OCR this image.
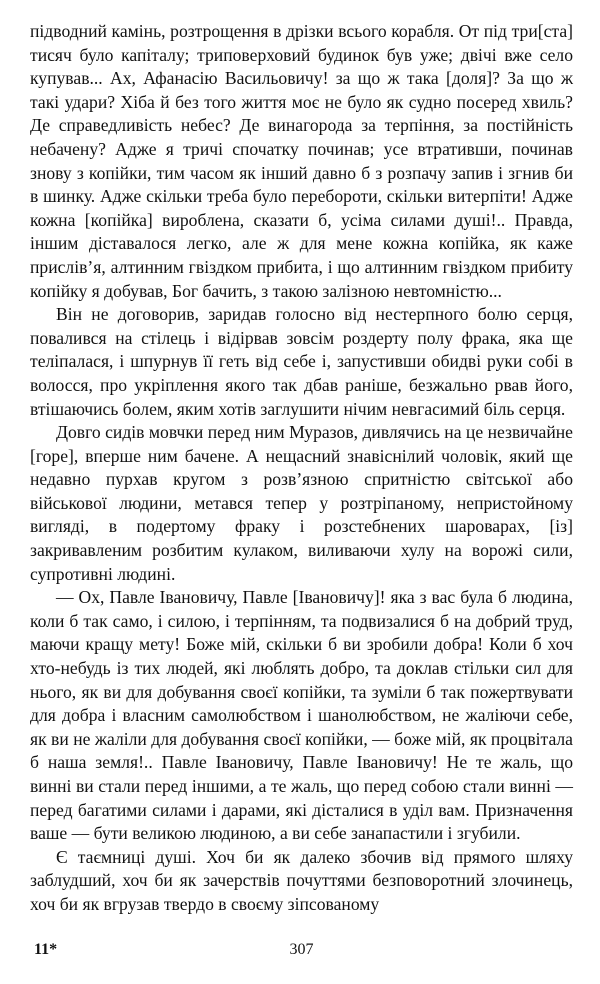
підводний камінь, розтрощення в дрізки всього корабля. От під три[ста] тисяч було капіталу; триповерховий будинок був уже; двічі вже село купував... Ах, Афанасію Васильовичу! за що ж така [доля]? За що ж такі удари? Хіба й без того життя моє не було як судно посеред хвиль? Де справедливість небес? Де винагорода за терпіння, за постійність небачену? Адже я тричі спочатку починав; усе втративши, починав знову з копійки, тим часом як інший давно б з розпачу запив і згнив би в шинку. Адже скільки треба було перебороти, скільки витерпіти! Адже кожна [копійка] вироблена, сказати б, усіма силами душі!.. Правда, іншим діставалося легко, але ж для мене кожна копійка, як каже прислів’я, алтинним гвіздком прибита, і що алтинним гвіздком прибиту копійку я добував, Бог бачить, з такою залізною невтомністю...

Він не договорив, заридав голосно від нестерпного болю серця, повалився на стілець і відірвав зовсім роздерту полу фрака, яка ще теліпалася, і шпурнув її геть від себе і, запустивши обидві руки собі в волосся, про укріплення якого так дбав раніше, безжально рвав його, втішаючись болем, яким хотів заглушити нічим невгасимий біль серця.

Довго сидів мовчки перед ним Муразов, дивлячись на це незвичайне [горе], вперше ним бачене. А нещасний знавіснілий чоловік, який ще недавно пурхав кругом з розв’язною спритністю світської або військової людини, метався тепер у розтріпаному, непристойному вигляді, в подертому фраку і розстебнених шароварах, [із] закривавленим розбитим кулаком, виливаючи хулу на ворожі сили, супротивні людині.

— Ох, Павле Івановичу, Павле [Івановичу]! яка з вас була б людина, коли б так само, і силою, і терпінням, та подвизалися б на добрий труд, маючи кращу мету! Боже мій, скільки б ви зробили добра! Коли б хоч хто-небудь із тих людей, які люблять добро, та доклав стільки сил для нього, як ви для добування своєї копійки, та зуміли б так пожертвувати для добра і власним самолюбством і шанолюбством, не жаліючи себе, як ви не жаліли для добування своєї копійки, — боже мій, як процвітала б наша земля!.. Павле Івановичу, Павле Івановичу! Не те жаль, що винні ви стали перед іншими, а те жаль, що перед собою стали винні — перед багатими силами і дарами, які дісталися в уділ вам. Призначення ваше — бути великою людиною, а ви себе занапастили і згубили.

Є таємниці душі. Хоч би як далеко збочив від прямого шляху заблудший, хоч би як зачерствів почуттями безповоротний злочинець, хоч би як вгрузав твердо в своєму зіпсованому

11*	307
